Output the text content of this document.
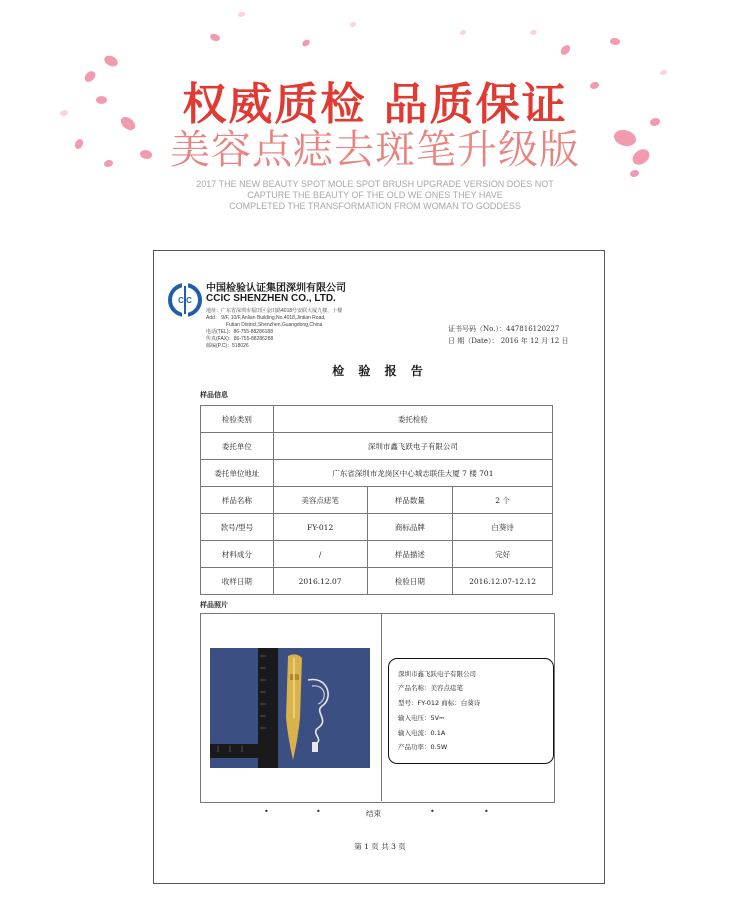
权威质检 品质保证
美容点痣去斑笔升级版
2017 THE NEW BEAUTY SPOT MOLE SPOT BRUSH UPGRADE VERSION DOES NOT
CAPTURE THE BEAUTY OF THE OLD WE ONES THEY HAVE
COMPLETED THE TRANSFORMATION FROM WOMAN TO GODDESS
CIC
中国检验认证集团深圳有限公司
CCIC SHENZHEN CO., LTD.
地址：广东省深圳市福田区金田路4018号安联大厦九楼、十楼
Add： 9/F, 10/F,Anlian Building,No.4018,Jintian Road,
Futian District,Shenzhen,Guangdong,China
电话(TEL)：86-755-88286188
传真(FAX)：86-755-88286288
邮编(P.C)：518026
证书号码（No.）：447816120227
日 期（Date）： 2016 年 12 月 12 日
检 验 报 告
样品信息
检验类别	委托检验		
委托单位	深圳市鑫飞跃电子有限公司		
委托单位地址	广东省深圳市龙岗区中心城志联佳大厦 7 楼 701		
样品名称	美容点痣笔	样品数量	2 个
款号/型号	FY-012	商标品牌	白葵诗
材料成分	/	样品描述	完好
收样日期	2016.12.07	检验日期	2016.12.07-12.12
样品照片
深圳市鑫飞跃电子有限公司
产品名称：美容点痣笔
型号：FY-012 商标：白葵诗
输入电压：5V⎓
输入电流：0.1A
产品功率：0.5W
•	•	结束	•	•
第 1 页 共 3 页
